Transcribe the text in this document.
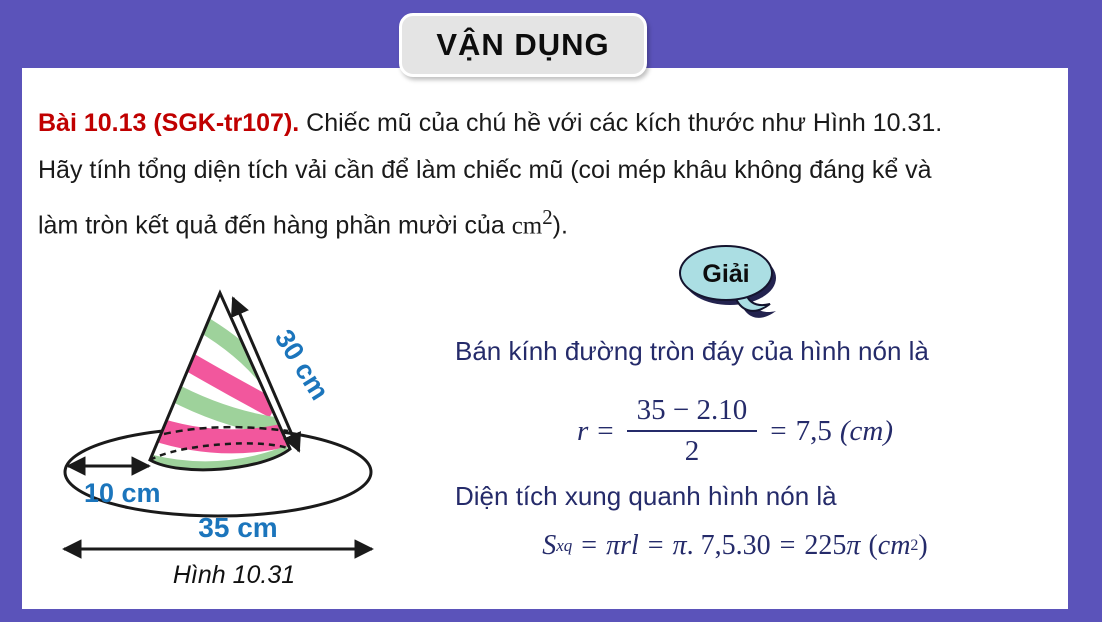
VẬN DỤNG
Bài 10.13 (SGK-tr107). Chiếc mũ của chú hề với các kích thước như Hình 10.31.
Hãy tính tổng diện tích vải cần để làm chiếc mũ (coi mép khâu không đáng kể và
làm tròn kết quả đến hàng phần mười của $cm^2$).
30 cm
10 cm
35 cm
Hình 10.31
Giải
Bán kính đường tròn đáy của hình nón là
$r = \frac{35 - 2.10}{2} = 7,5$ (cm)
Diện tích xung quanh hình nón là
S xq = πrl = π . 7,5.30 = 225 π ( cm 2 )
